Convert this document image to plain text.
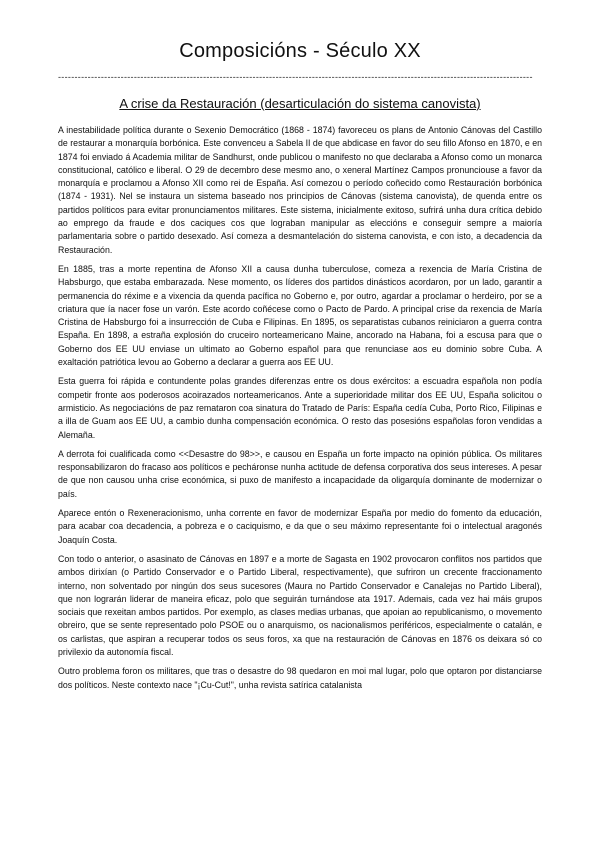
Composicións - Século XX
------------------------------------------------------------------------------------------------------------------------------------------------
A crise da Restauración (desarticulación do sistema canovista)

A inestabilidade política durante o Sexenio Democrático (1868 - 1874) favoreceu os plans de Antonio Cánovas del Castillo de restaurar a monarquía borbónica. Este convenceu a Sabela II de que abdicase en favor do seu fillo Afonso en 1870, e en 1874 foi enviado á Academia militar de Sandhurst, onde publicou o manifesto no que declaraba a Afonso como un monarca constitucional, católico e liberal. O 29 de decembro dese mesmo ano, o xeneral Martínez Campos pronunciouse a favor da monarquía e proclamou a Afonso XII como rei de España. Así comezou o período coñecido como Restauración borbónica (1874 - 1931). Nel se instaura un sistema baseado nos principios de Cánovas (sistema canovista), de quenda entre os partidos políticos para evitar pronunciamentos militares. Este sistema, inicialmente exitoso, sufrirá unha dura crítica debido ao emprego da fraude e dos caciques cos que lograban manipular as eleccións e conseguir sempre a maioría parlamentaria sobre o partido desexado. Así comeza a desmantelación do sistema canovista, e con isto, a decadencia da Restauración.

En 1885, tras a morte repentina de Afonso XII a causa dunha tuberculose, comeza a rexencia de María Cristina de Habsburgo, que estaba embarazada. Nese momento, os líderes dos partidos dinásticos acordaron, por un lado, garantir a permanencia do réxime e a vixencia da quenda pacífica no Goberno e, por outro, agardar a proclamar o herdeiro, por se a criatura que ía nacer fose un varón. Este acordo coñécese como o Pacto de Pardo. A principal crise da rexencia de María Cristina de Habsburgo foi a insurrección de Cuba e Filipinas. En 1895, os separatistas cubanos reiniciaron a guerra contra España. En 1898, a estraña explosión do cruceiro norteamericano Maine, ancorado na Habana, foi a escusa para que o Goberno dos EE UU enviase un ultimato ao Goberno español para que renunciase aos eu dominio sobre Cuba. A exaltación patriótica levou ao Goberno a declarar a guerra aos EE UU.

Esta guerra foi rápida e contundente polas grandes diferenzas entre os dous exércitos: a escuadra española non podía competir fronte aos poderosos acoirazados norteamericanos. Ante a superioridade militar dos EE UU, España solicitou o armisticio. As negociacións de paz remataron coa sinatura do Tratado de París: España cedía Cuba, Porto Rico, Filipinas e a illa de Guam aos EE UU, a cambio dunha compensación económica. O resto das posesións españolas foron vendidas a Alemaña.

A derrota foi cualificada como <<Desastre do 98>>, e causou en España un forte impacto na opinión pública. Os militares responsabilizaron do fracaso aos políticos e pecháronse nunha actitude de defensa corporativa dos seus intereses. A pesar de que non causou unha crise económica, si puxo de manifesto a incapacidade da oligarquía dominante de modernizar o país.

Aparece entón o Rexeneracionismo, unha corrente en favor de modernizar España por medio do fomento da educación, para acabar coa decadencia, a pobreza e o caciquismo, e da que o seu máximo representante foi o intelectual aragonés Joaquín Costa.

Con todo o anterior, o asasinato de Cánovas en 1897 e a morte de Sagasta en 1902 provocaron conflitos nos partidos que ambos dirixían (o Partido Conservador e o Partido Liberal, respectivamente), que sufriron un crecente fraccionamento interno, non solventado por ningún dos seus sucesores (Maura no Partido Conservador e Canalejas no Partido Liberal), que non lograrán liderar de maneira eficaz, polo que seguirán turnándose ata 1917. Ademais, cada vez hai máis grupos sociais que rexeitan ambos partidos. Por exemplo, as clases medias urbanas, que apoian ao republicanismo, o movemento obreiro, que se sente representado polo PSOE ou o anarquismo, os nacionalismos periféricos, especialmente o catalán, e os carlistas, que aspiran a recuperar todos os seus foros, xa que na restauración de Cánovas en 1876 os deixara só co privilexio da autonomía fiscal.

Outro problema foron os militares, que tras o desastre do 98 quedaron en moi mal lugar, polo que optaron por distanciarse dos políticos. Neste contexto nace "¡Cu-Cut!", unha revista satírica catalanista
